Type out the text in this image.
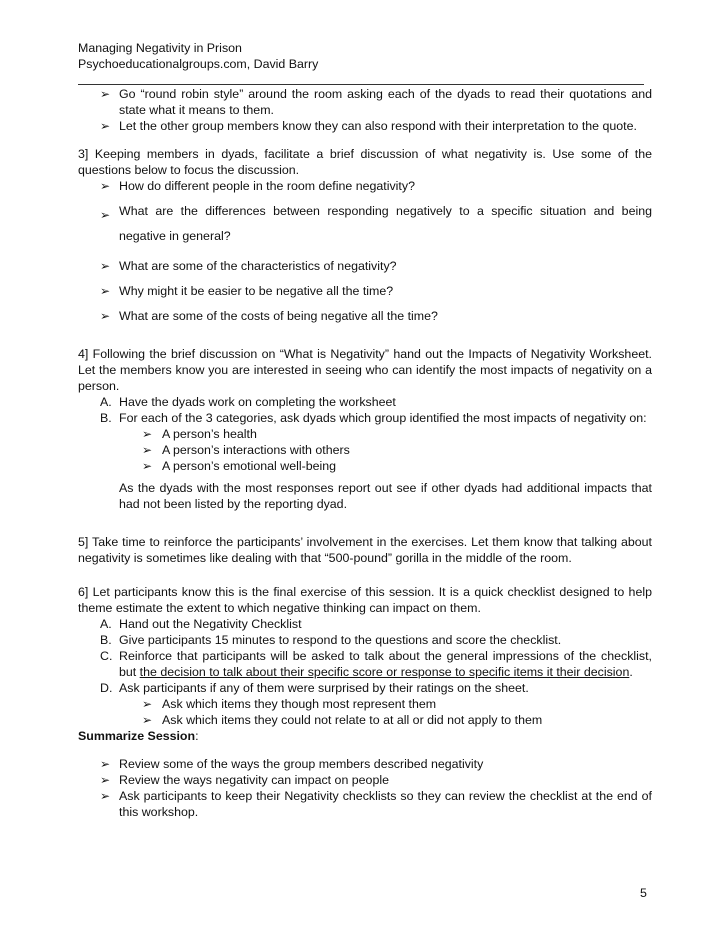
Managing Negativity in Prison
Psychoeducationalgroups.com, David Barry
➢ Go “round robin style” around the room asking each of the dyads to read their quotations and state what it means to them.
➢ Let the other group members know they can also respond with their interpretation to the quote.
3] Keeping members in dyads, facilitate a brief discussion of what negativity is. Use some of the questions below to focus the discussion.
➢ How do different people in the room define negativity?
➢ What are the differences between responding negatively to a specific situation and being negative in general?
➢ What are some of the characteristics of negativity?
➢ Why might it be easier to be negative all the time?
➢ What are some of the costs of being negative all the time?
4] Following the brief discussion on “What is Negativity” hand out the Impacts of Negativity Worksheet. Let the members know you are interested in seeing who can identify the most impacts of negativity on a person.
A. Have the dyads work on completing the worksheet
B. For each of the 3 categories, ask dyads which group identified the most impacts of negativity on:
➢ A person’s health
➢ A person’s interactions with others
➢ A person’s emotional well-being
As the dyads with the most responses report out see if other dyads had additional impacts that had not been listed by the reporting dyad.
5] Take time to reinforce the participants’ involvement in the exercises. Let them know that talking about negativity is sometimes like dealing with that “500-pound” gorilla in the middle of the room.
6] Let participants know this is the final exercise of this session. It is a quick checklist designed to help theme estimate the extent to which negative thinking can impact on them.
A. Hand out the Negativity Checklist
B. Give participants 15 minutes to respond to the questions and score the checklist.
C. Reinforce that participants will be asked to talk about the general impressions of the checklist, but the decision to talk about their specific score or response to specific items it their decision.
D. Ask participants if any of them were surprised by their ratings on the sheet.
➢ Ask which items they though most represent them
➢ Ask which items they could not relate to at all or did not apply to them
Summarize Session:
➢ Review some of the ways the group members described negativity
➢ Review the ways negativity can impact on people
➢ Ask participants to keep their Negativity checklists so they can review the checklist at the end of this workshop.
5
